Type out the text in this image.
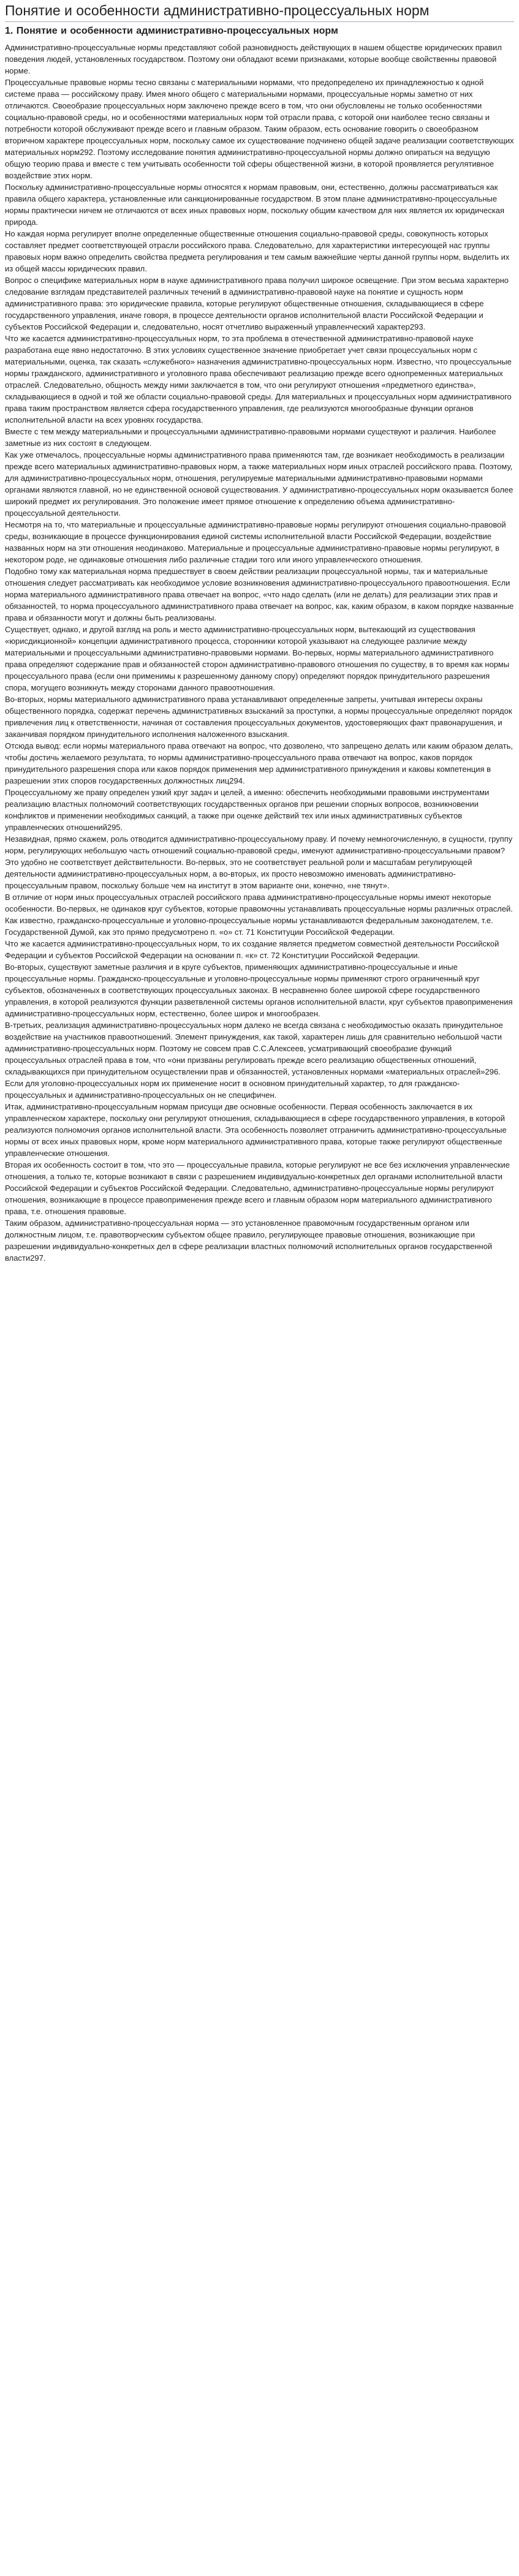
Понятие и особенности административно-процессуальных норм
1. Понятие и особенности административно-процессуальных норм

Административно-процессуальные нормы представляют собой разновидность действующих в нашем обществе юридических правил поведения людей, установленных государством. Поэтому они обладают всеми признаками, которые вообще свойственны правовой норме.

Процессуальные правовые нормы тесно связаны с материальными нормами, что предопределено их принадлежностью к одной системе права — российскому праву. Имея много общего с материальными нормами, процессуальные нормы заметно от них отличаются. Своеобразие процессуальных норм заключено прежде всего в том, что они обусловлены не только особенностями социально-правовой среды, но и особенностями материальных норм той отрасли права, с которой они наиболее тесно связаны и потребности которой обслуживают прежде всего и главным образом. Таким образом, есть основание говорить о своеобразном вторичном характере процессуальных норм, поскольку самое их существование подчинено общей задаче реализации соответствующих материальных норм292. Поэтому исследование понятия административно-процессуальной нормы должно опираться на ведущую общую теорию права и вместе с тем учитывать особенности той сферы общественной жизни, в которой проявляется регулятивное воздействие этих норм.

Поскольку административно-процессуальные нормы относятся к нормам правовым, они, естественно, должны рассматриваться как правила общего характера, установленные или санкционированные государством. В этом плане административно-процессуальные нормы практически ничем не отличаются от всех иных правовых норм, поскольку общим качеством для них является их юридическая природа.

Но каждая норма регулирует вполне определенные общественные отношения социально-правовой среды, совокупность которых составляет предмет соответствующей отрасли российского права. Следовательно, для характеристики интересующей нас группы правовых норм важно определить свойства предмета регулирования и тем самым важнейшие черты данной группы норм, выделить их из общей массы юридических правил.

Вопрос о специфике материальных норм в науке административного права получил широкое освещение. При этом весьма характерно следование взглядам представителей различных течений в административно-правовой науке на понятие и сущность норм административного права: это юридические правила, которые регулируют общественные отношения, складывающиеся в сфере государственного управления, иначе говоря, в процессе деятельности органов исполнительной власти Российской Федерации и субъектов Российской Федерации и, следовательно, носят отчетливо выраженный управленческий характер293.

Что же касается административно-процессуальных норм, то эта проблема в отечественной административно-правовой науке разработана еще явно недостаточно. В этих условиях существенное значение приобретает учет связи процессуальных норм с материальными, оценка, так сказать «служебного» назначения административно-процессуальных норм. Известно, что процессуальные нормы гражданского, административного и уголовного права обеспечивают реализацию прежде всего однопременных материальных отраслей. Следовательно, общность между ними заключается в том, что они регулируют отношения «предметного единства», складывающиеся в одной и той же области социально-правовой среды. Для материальных и процессуальных норм административного права таким пространством является сфера государственного управления, где реализуются многообразные функции органов исполнительной власти на всех уровнях государства.

Вместе с тем между материальными и процессуальными административно-правовыми нормами существуют и различия. Наиболее заметные из них состоят в следующем.

Как уже отмечалось, процессуальные нормы административного права применяются там, где возникает необходимость в реализации прежде всего материальных административно-правовых норм, а также материальных норм иных отраслей российского права. Поэтому, для административно-процессуальных норм, отношения, регулируемые материальными административно-правовыми нормами органами являются главной, но не единственной основой существования. У административно-процессуальных норм оказывается более широкий предмет их регулирования. Это положение имеет прямое отношение к определению объема административно-процессуальной деятельности.

Несмотря на то, что материальные и процессуальные административно-правовые нормы регулируют отношения социально-правовой среды, возникающие в процессе функционирования единой системы исполнительной власти Российской Федерации, воздействие названных норм на эти отношения неодинаково. Материальные и процессуальные административно-правовые нормы регулируют, в некотором роде, не одинаковые отношения либо различные стадии того или иного управленческого отношения.

Подобно тому как материальная норма предшествует в своем действии реализации процессуальной нормы, так и материальные отношения следует рассматривать как необходимое условие возникновения административно-процессуального правоотношения. Если норма материального административного права отвечает на вопрос, «что надо сделать (или не делать) для реализации этих прав и обязанностей, то норма процессуального административного права отвечает на вопрос, как, каким образом, в каком порядке названные права и обязанности могут и должны быть реализованы.

Существует, однако, и другой взгляд на роль и место административно-процессуальных норм, вытекающий из существования «юрисдикционной» концепции административного процесса, сторонники которой указывают на следующее различие между материальными и процессуальными административно-правовыми нормами. Во-первых, нормы материального административного права определяют содержание прав и обязанностей сторон административно-правового отношения по существу, в то время как нормы процессуального права (если они применимы к разрешенному данному спору) определяют порядок принудительного разрешения спора, могущего возникнуть между сторонами данного правоотношения.

Во-вторых, нормы материального административного права устанавливают определенные запреты, учитывая интересы охраны общественного порядка, содержат перечень административных взысканий за проступки, а нормы процессуальные определяют порядок привлечения лиц к ответственности, начиная от составления процессуальных документов, удостоверяющих факт правонарушения, и заканчивая порядком принудительного исполнения наложенного взыскания.

Отсюда вывод: если нормы материального права отвечают на вопрос, что дозволено, что запрещено делать или каким образом делать, чтобы достичь желаемого результата, то нормы административно-процессуального права отвечают на вопрос, каков порядок принудительного разрешения спора или каков порядок применения мер административного принуждения и каковы компетенция в разрешении этих споров государственных должностных лиц294.

Процессуальному же праву определен узкий круг задач и целей, а именно: обеспечить необходимыми правовыми инструментами реализацию властных полномочий соответствующих государственных органов при решении спорных вопросов, возникновении конфликтов и применении необходимых санкций, а также при оценке действий тех или иных административных субъектов управленческих отношений295.

Незавидная, прямо скажем, роль отводится административно-процессуальному праву. И почему немногочисленную, в сущности, группу норм, регулирующих небольшую часть отношений социально-правовой среды, именуют административно-процессуальными правом? Это удобно не соответствует действительности. Во-первых, это не соответствует реальной роли и масштабам регулирующей деятельности административно-процессуальных норм, а во-вторых, их просто невозможно именовать административно-процессуальным правом, поскольку больше чем на институт в этом варианте они, конечно, «не тянут».

В отличие от норм иных процессуальных отраслей российского права административно-процессуальные нормы имеют некоторые особенности. Во-первых, не одинаков круг субъектов, которые правомочны устанавливать процессуальные нормы различных отраслей. Как известно, гражданско-процессуальные и уголовно-процессуальные нормы устанавливаются федеральным законодателем, т.е. Государственной Думой, как это прямо предусмотрено п. «о» ст. 71 Конституции Российской Федерации.

Что же касается административно-процессуальных норм, то их создание является предметом совместной деятельности Российской Федерации и субъектов Российской Федерации на основании п. «к» ст. 72 Конституции Российской Федерации.

Во-вторых, существуют заметные различия и в круге субъектов, применяющих административно-процессуальные и иные процессуальные нормы. Гражданско-процессуальные и уголовно-процессуальные нормы применяют строго ограниченный круг субъектов, обозначенных в соответствующих процессуальных законах. В несравненно более широкой сфере государственного управления, в которой реализуются функции разветвленной системы органов исполнительной власти, круг субъектов правоприменения административно-процессуальных норм, естественно, более широк и многообразен.

В-третьих, реализация административно-процессуальных норм далеко не всегда связана с необходимостью оказать принудительное воздействие на участников правоотношений. Элемент принуждения, как такой, характерен лишь для сравнительно небольшой части административно-процессуальных норм. Поэтому не совсем прав С.С.Алексеев, усматривающий своеобразие функций процессуальных отраслей права в том, что «они призваны регулировать прежде всего реализацию общественных отношений, складывающихся при принудительном осуществлении прав и обязанностей, установленных нормами «материальных отраслей»296. Если для уголовно-процессуальных норм их применение носит в основном принудительный характер, то для гражданско-процессуальных и административно-процессуальных он не специфичен.

Итак, административно-процессуальным нормам присущи две основные особенности. Первая особенность заключается в их управленческом характере, поскольку они регулируют отношения, складывающиеся в сфере государственного управления, в которой реализуются полномочия органов исполнительной власти. Эта особенность позволяет отграничить административно-процессуальные нормы от всех иных правовых норм, кроме норм материального административного права, которые также регулируют общественные управленческие отношения.

Вторая их особенность состоит в том, что это — процессуальные правила, которые регулируют не все без исключения управленческие отношения, а только те, которые возникают в связи с разрешением индивидуально-конкретных дел органами исполнительной власти Российской Федерации и субъектов Российской Федерации. Следовательно, административно-процессуальные нормы регулируют отношения, возникающие в процессе правоприменения прежде всего и главным образом норм материального административного права, т.е. отношения правовые.

Таким образом, административно-процессуальная норма — это установленное правомочным государственным органом или должностным лицом, т.е. правотворческим субъектом общее правило, регулирующее правовые отношения, возникающие при разрешении индивидуально-конкретных дел в сфере реализации властных полномочий исполнительных органов государственной власти297.
